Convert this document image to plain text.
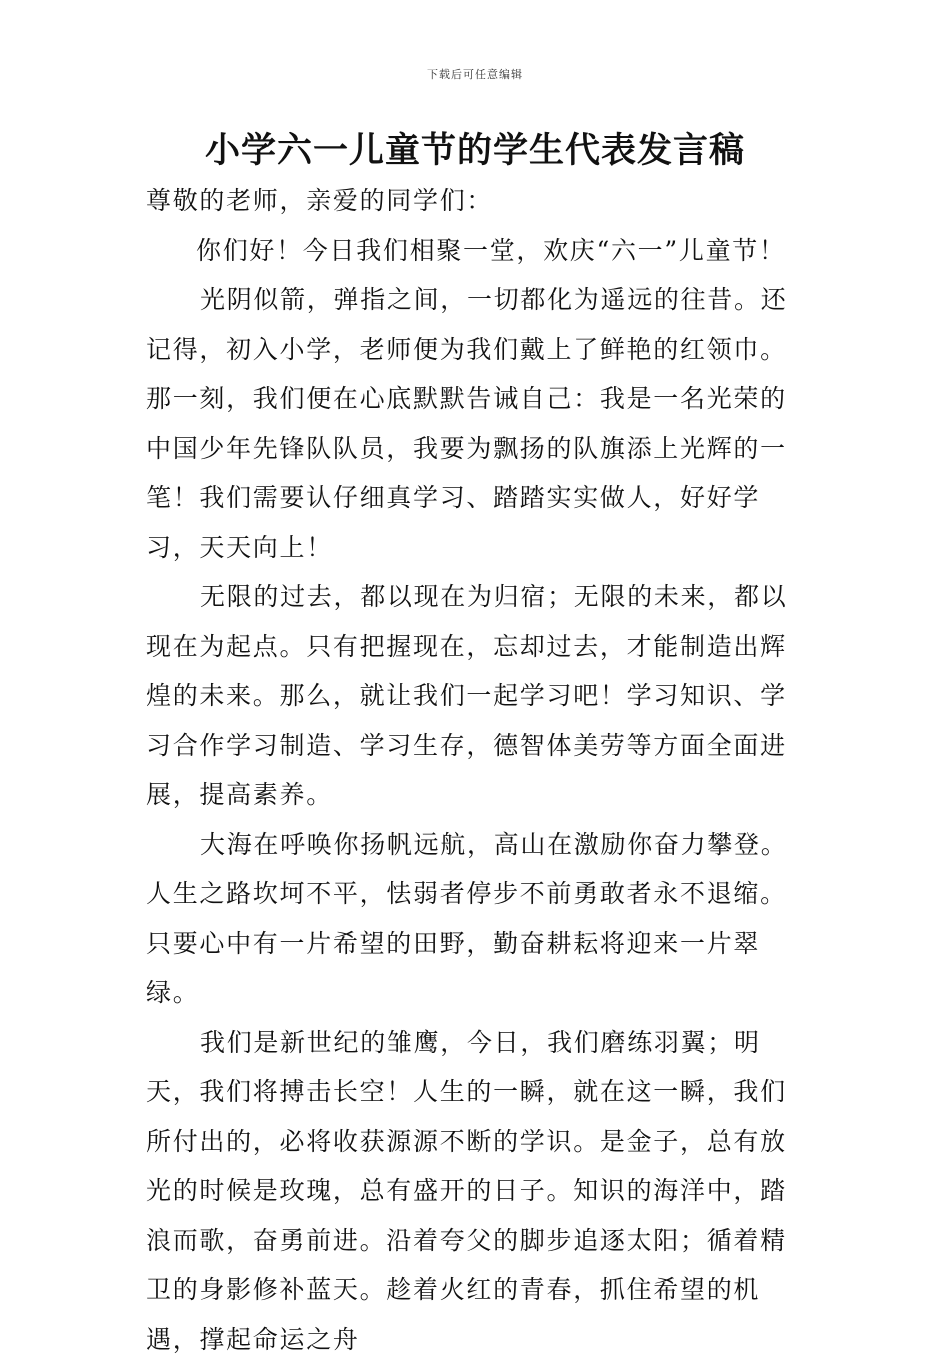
下载后可任意编辑
小学六一儿童节的学生代表发言稿

尊敬的老师，亲爱的同学们：

你们好！今日我们相聚一堂，欢庆“六一”儿童节！

光阴似箭，弹指之间，一切都化为遥远的往昔。还记得，初入小学，老师便为我们戴上了鲜艳的红领巾。那一刻，我们便在心底默默告诫自己：我是一名光荣的中国少年先锋队队员，我要为飘扬的队旗添上光辉的一笔！我们需要认仔细真学习、踏踏实实做人，好好学习，天天向上！

无限的过去，都以现在为归宿；无限的未来，都以现在为起点。只有把握现在，忘却过去，才能制造出辉煌的未来。那么，就让我们一起学习吧！学习知识、学习合作学习制造、学习生存，德智体美劳等方面全面进展，提高素养。

大海在呼唤你扬帆远航，高山在激励你奋力攀登。人生之路坎坷不平，怯弱者停步不前勇敢者永不退缩。只要心中有一片希望的田野，勤奋耕耘将迎来一片翠绿。

我们是新世纪的雏鹰，今日，我们磨练羽翼；明天，我们将搏击长空！人生的一瞬，就在这一瞬，我们所付出的，必将收获源源不断的学识。是金子，总有放光的时候是玫瑰，总有盛开的日子。知识的海洋中，踏浪而歌，奋勇前进。沿着夸父的脚步追逐太阳；循着精卫的身影修补蓝天。趁着火红的青春，抓住希望的机遇，撑起命运之舟
